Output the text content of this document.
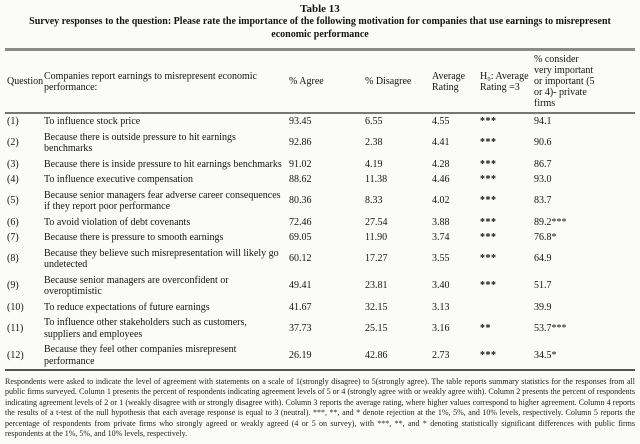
Table 13
Survey responses to the question: Please rate the importance of the following motivation for companies that use earnings to misrepresent economic performance
Question	Companies report earnings to misrepresent economic performance:	% Agree	% Disagree	Average Rating	H₀: Average Rating =3	% consider very important or important (5 or 4)- private firms

(1)	To influence stock price	93.45	6.55	4.55	***	94.1
(2)	Because there is outside pressure to hit earnings benchmarks	92.86	2.38	4.41	***	90.6
(3)	Because there is inside pressure to hit earnings benchmarks	91.02	4.19	4.28	***	86.7
(4)	To influence executive compensation	88.62	11.38	4.46	***	93.0
(5)	Because senior managers fear adverse career consequences if they report poor performance	80.36	8.33	4.02	***	83.7
(6)	To avoid violation of debt covenants	72.46	27.54	3.88	***	89.2***
(7)	Because there is pressure to smooth earnings	69.05	11.90	3.74	***	76.8*
(8)	Because they believe such misrepresentation will likely go undetected	60.12	17.27	3.55	***	64.9
(9)	Because senior managers are overconfident or overoptimistic	49.41	23.81	3.40	***	51.7
(10)	To reduce expectations of future earnings	41.67	32.15	3.13		39.9
(11)	To influence other stakeholders such as customers, suppliers and employees	37.73	25.15	3.16	**	53.7***
(12)	Because they feel other companies misrepresent performance	26.19	42.86	2.73	***	34.5*

Respondents were asked to indicate the level of agreement with statements on a scale of 1(strongly disagree) to 5(strongly agree). The table reports summary statistics for the responses from all public firms surveyed. Column 1 presents the percent of respondents indicating agreement levels of 5 or 4 (strongly agree with or weakly agree with). Column 2 presents the percent of respondents indicating agreement levels of 2 or 1 (weakly disagree with or strongly disagree with). Column 3 reports the average rating, where higher values correspond to higher agreement. Column 4 reports the results of a t-test of the null hypothesis that each average response is equal to 3 (neutral). ***, **, and * denote rejection at the 1%, 5%, and 10% levels, respectively. Column 5 reports the percentage of respondents from private firms who strongly agreed or weakly agreed (4 or 5 on survey), with ***, **, and * denoting statistically significant differences with public firms respondents at the 1%, 5%, and 10% levels, respectively.
